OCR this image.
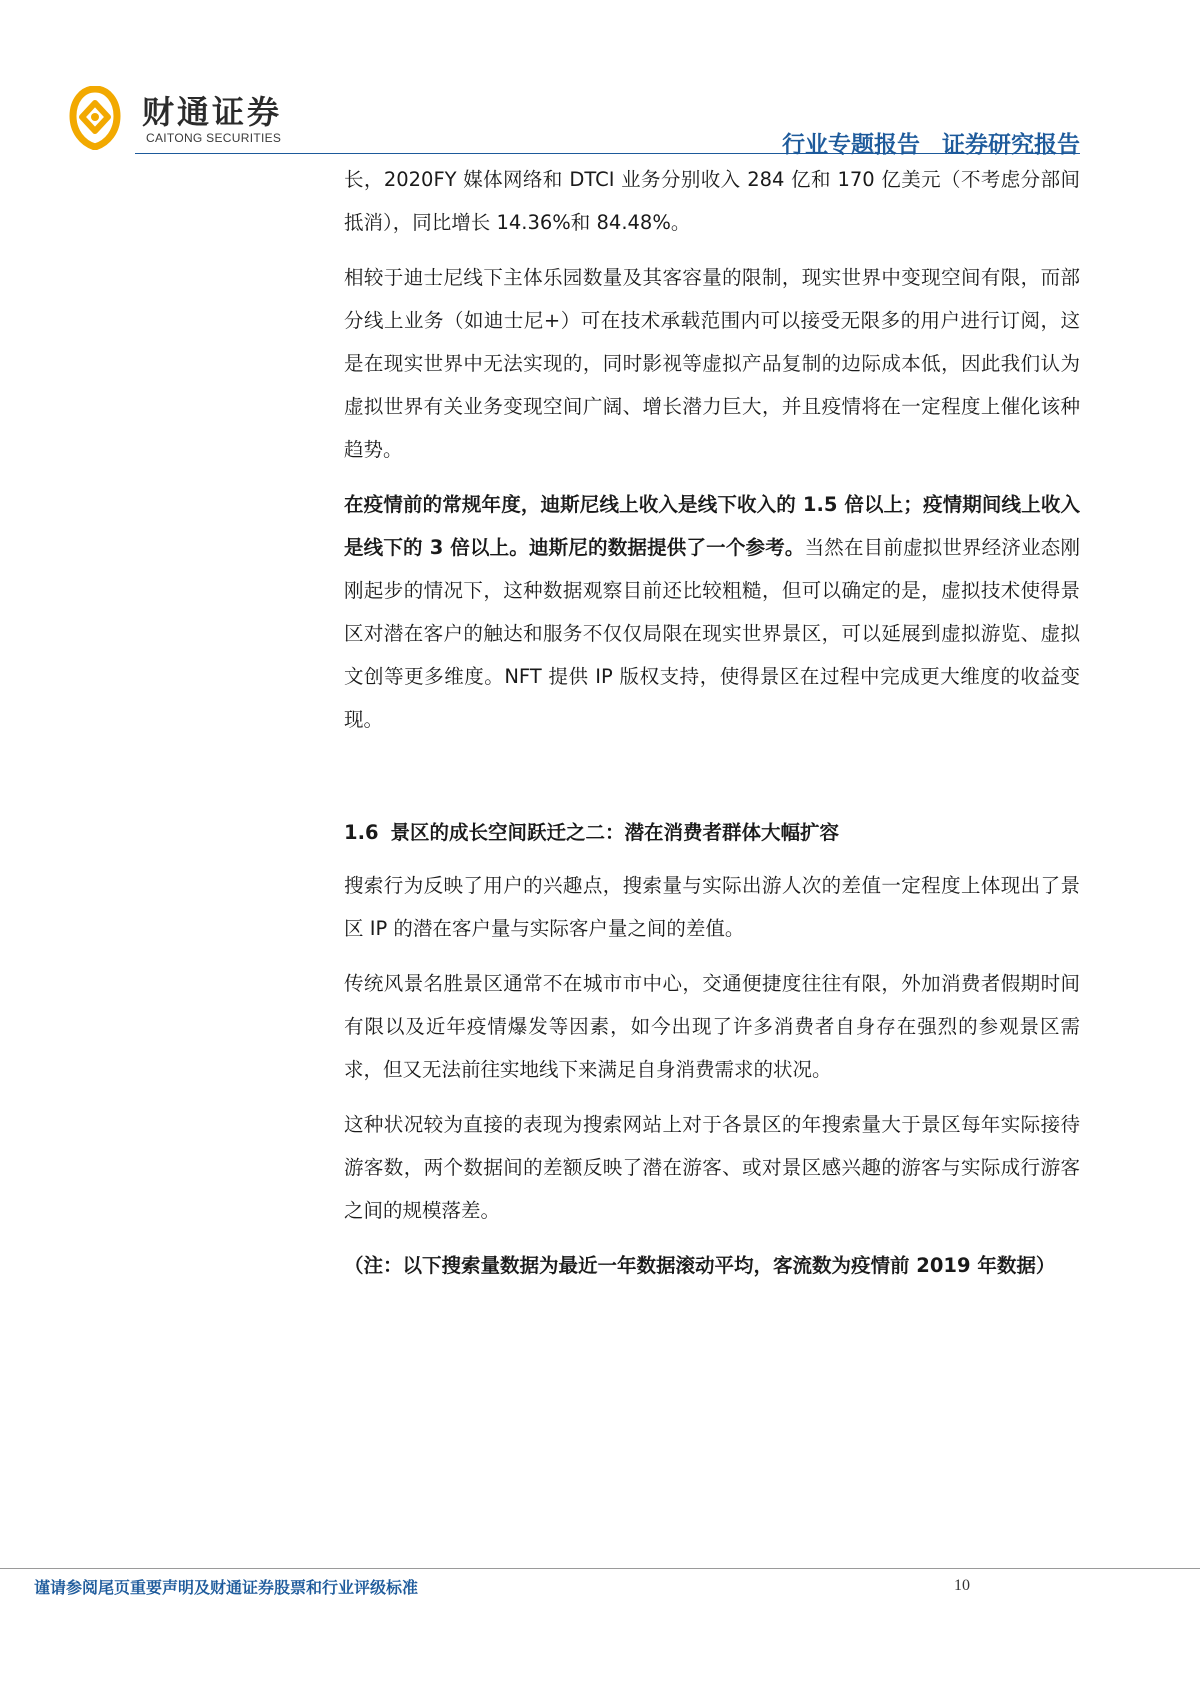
财通证券
CAITONG SECURITIES	行业专题报告 证券研究报告

长，2020FY 媒体网络和 DTCI 业务分别收入 284 亿和 170 亿美元（不考虑分部间抵消），同比增长 14.36%和 84.48%。

相较于迪士尼线下主体乐园数量及其客容量的限制，现实世界中变现空间有限，而部分线上业务（如迪士尼+）可在技术承载范围内可以接受无限多的用户进行订阅，这是在现实世界中无法实现的，同时影视等虚拟产品复制的边际成本低，因此我们认为虚拟世界有关业务变现空间广阔、增长潜力巨大，并且疫情将在一定程度上催化该种趋势。

在疫情前的常规年度，迪斯尼线上收入是线下收入的 1.5 倍以上；疫情期间线上收入是线下的 3 倍以上。迪斯尼的数据提供了一个参考。当然在目前虚拟世界经济业态刚刚起步的情况下，这种数据观察目前还比较粗糙，但可以确定的是，虚拟技术使得景区对潜在客户的触达和服务不仅仅局限在现实世界景区，可以延展到虚拟游览、虚拟文创等更多维度。NFT 提供 IP 版权支持，使得景区在过程中完成更大维度的收益变现。

1.6 景区的成长空间跃迁之二：潜在消费者群体大幅扩容

搜索行为反映了用户的兴趣点，搜索量与实际出游人次的差值一定程度上体现出了景区 IP 的潜在客户量与实际客户量之间的差值。

传统风景名胜景区通常不在城市市中心，交通便捷度往往有限，外加消费者假期时间有限以及近年疫情爆发等因素，如今出现了许多消费者自身存在强烈的参观景区需求，但又无法前往实地线下来满足自身消费需求的状况。

这种状况较为直接的表现为搜索网站上对于各景区的年搜索量大于景区每年实际接待游客数，两个数据间的差额反映了潜在游客、或对景区感兴趣的游客与实际成行游客之间的规模落差。

（注：以下搜索量数据为最近一年数据滚动平均，客流数为疫情前 2019 年数据）

谨请参阅尾页重要声明及财通证券股票和行业评级标准	10
